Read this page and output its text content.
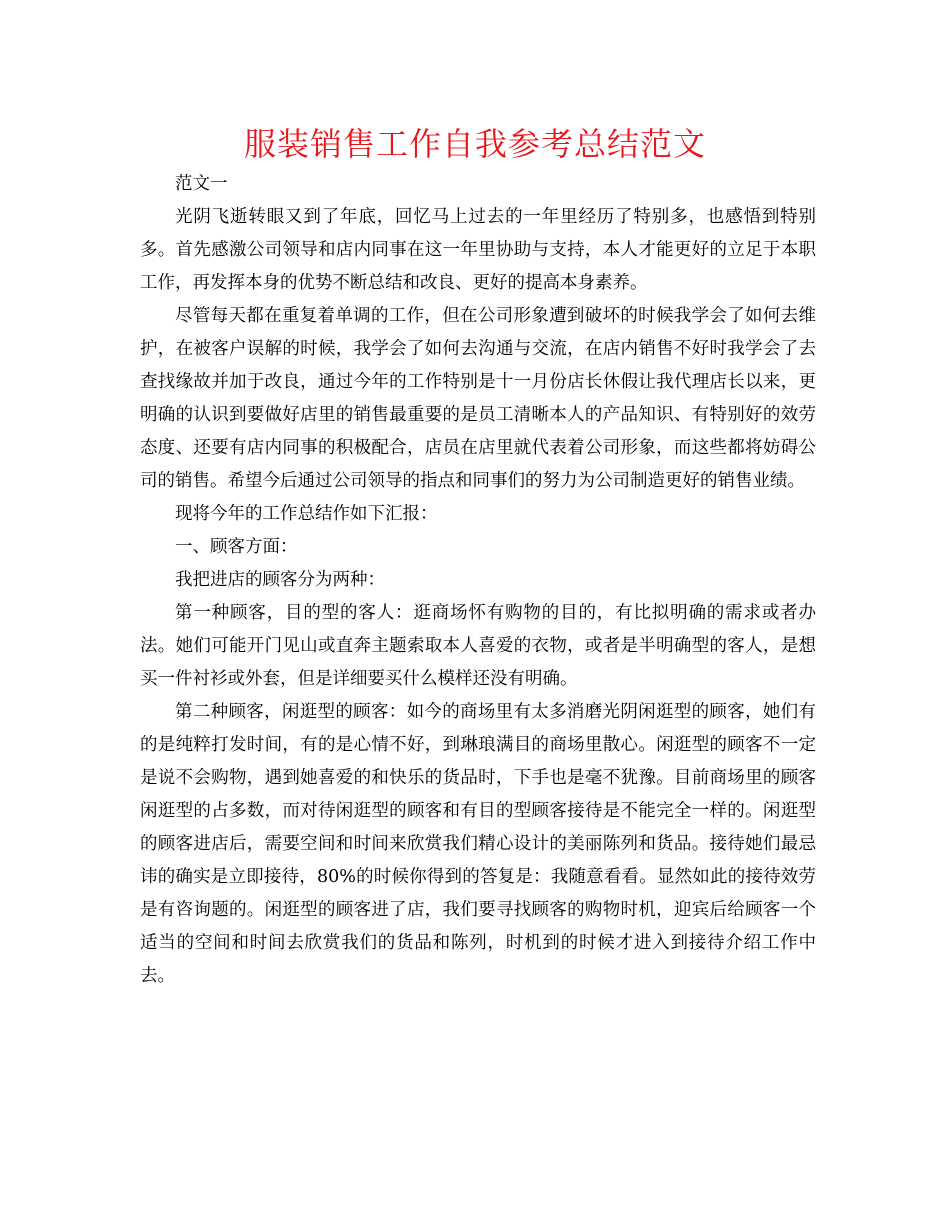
服装销售工作自我参考总结范文

范文一

光阴飞逝转眼又到了年底，回忆马上过去的一年里经历了特别多，也感悟到特别多。首先感激公司领导和店内同事在这一年里协助与支持，本人才能更好的立足于本职工作，再发挥本身的优势不断总结和改良、更好的提高本身素养。

尽管每天都在重复着单调的工作，但在公司形象遭到破坏的时候我学会了如何去维护，在被客户误解的时候，我学会了如何去沟通与交流，在店内销售不好时我学会了去查找缘故并加于改良，通过今年的工作特别是十一月份店长休假让我代理店长以来，更明确的认识到要做好店里的销售最重要的是员工清晰本人的产品知识、有特别好的效劳态度、还要有店内同事的积极配合，店员在店里就代表着公司形象，而这些都将妨碍公司的销售。希望今后通过公司领导的指点和同事们的努力为公司制造更好的销售业绩。

现将今年的工作总结作如下汇报：

一、顾客方面：

我把进店的顾客分为两种：

第一种顾客，目的型的客人：逛商场怀有购物的目的，有比拟明确的需求或者办法。她们可能开门见山或直奔主题索取本人喜爱的衣物，或者是半明确型的客人，是想买一件衬衫或外套，但是详细要买什么模样还没有明确。

第二种顾客，闲逛型的顾客：如今的商场里有太多消磨光阴闲逛型的顾客，她们有的是纯粹打发时间，有的是心情不好，到琳琅满目的商场里散心。闲逛型的顾客不一定是说不会购物，遇到她喜爱的和快乐的货品时，下手也是毫不犹豫。目前商场里的顾客闲逛型的占多数，而对待闲逛型的顾客和有目的型顾客接待是不能完全一样的。闲逛型的顾客进店后，需要空间和时间来欣赏我们精心设计的美丽陈列和货品。接待她们最忌讳的确实是立即接待，80%的时候你得到的答复是：我随意看看。显然如此的接待效劳是有咨询题的。闲逛型的顾客进了店，我们要寻找顾客的购物时机，迎宾后给顾客一个适当的空间和时间去欣赏我们的货品和陈列，时机到的时候才进入到接待介绍工作中去。
